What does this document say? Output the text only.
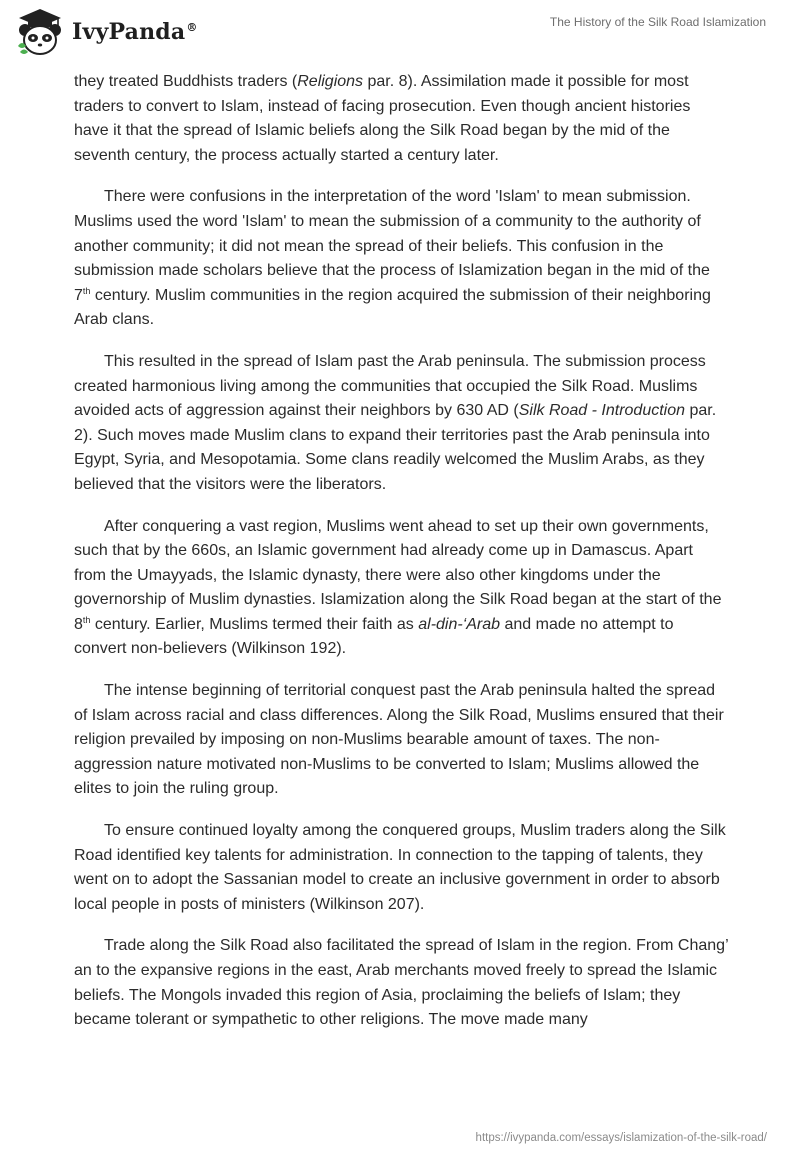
IvyPanda®	The History of the Silk Road Islamization

they treated Buddhists traders (Religions par. 8). Assimilation made it possible for most traders to convert to Islam, instead of facing prosecution. Even though ancient histories have it that the spread of Islamic beliefs along the Silk Road began by the mid of the seventh century, the process actually started a century later.

There were confusions in the interpretation of the word 'Islam' to mean submission. Muslims used the word 'Islam' to mean the submission of a community to the authority of another community; it did not mean the spread of their beliefs. This confusion in the submission made scholars believe that the process of Islamization began in the mid of the 7th century. Muslim communities in the region acquired the submission of their neighboring Arab clans.

This resulted in the spread of Islam past the Arab peninsula. The submission process created harmonious living among the communities that occupied the Silk Road. Muslims avoided acts of aggression against their neighbors by 630 AD (Silk Road - Introduction par. 2). Such moves made Muslim clans to expand their territories past the Arab peninsula into Egypt, Syria, and Mesopotamia. Some clans readily welcomed the Muslim Arabs, as they believed that the visitors were the liberators.

After conquering a vast region, Muslims went ahead to set up their own governments, such that by the 660s, an Islamic government had already come up in Damascus. Apart from the Umayyads, the Islamic dynasty, there were also other kingdoms under the governorship of Muslim dynasties. Islamization along the Silk Road began at the start of the 8th century. Earlier, Muslims termed their faith as al-din-‘Arab and made no attempt to convert non-believers (Wilkinson 192).

The intense beginning of territorial conquest past the Arab peninsula halted the spread of Islam across racial and class differences. Along the Silk Road, Muslims ensured that their religion prevailed by imposing on non-Muslims bearable amount of taxes. The non-aggression nature motivated non-Muslims to be converted to Islam; Muslims allowed the elites to join the ruling group.

To ensure continued loyalty among the conquered groups, Muslim traders along the Silk Road identified key talents for administration. In connection to the tapping of talents, they went on to adopt the Sassanian model to create an inclusive government in order to absorb local people in posts of ministers (Wilkinson 207).

Trade along the Silk Road also facilitated the spread of Islam in the region. From Chang’ an to the expansive regions in the east, Arab merchants moved freely to spread the Islamic beliefs. The Mongols invaded this region of Asia, proclaiming the beliefs of Islam; they became tolerant or sympathetic to other religions. The move made many

https://ivypanda.com/essays/islamization-of-the-silk-road/
